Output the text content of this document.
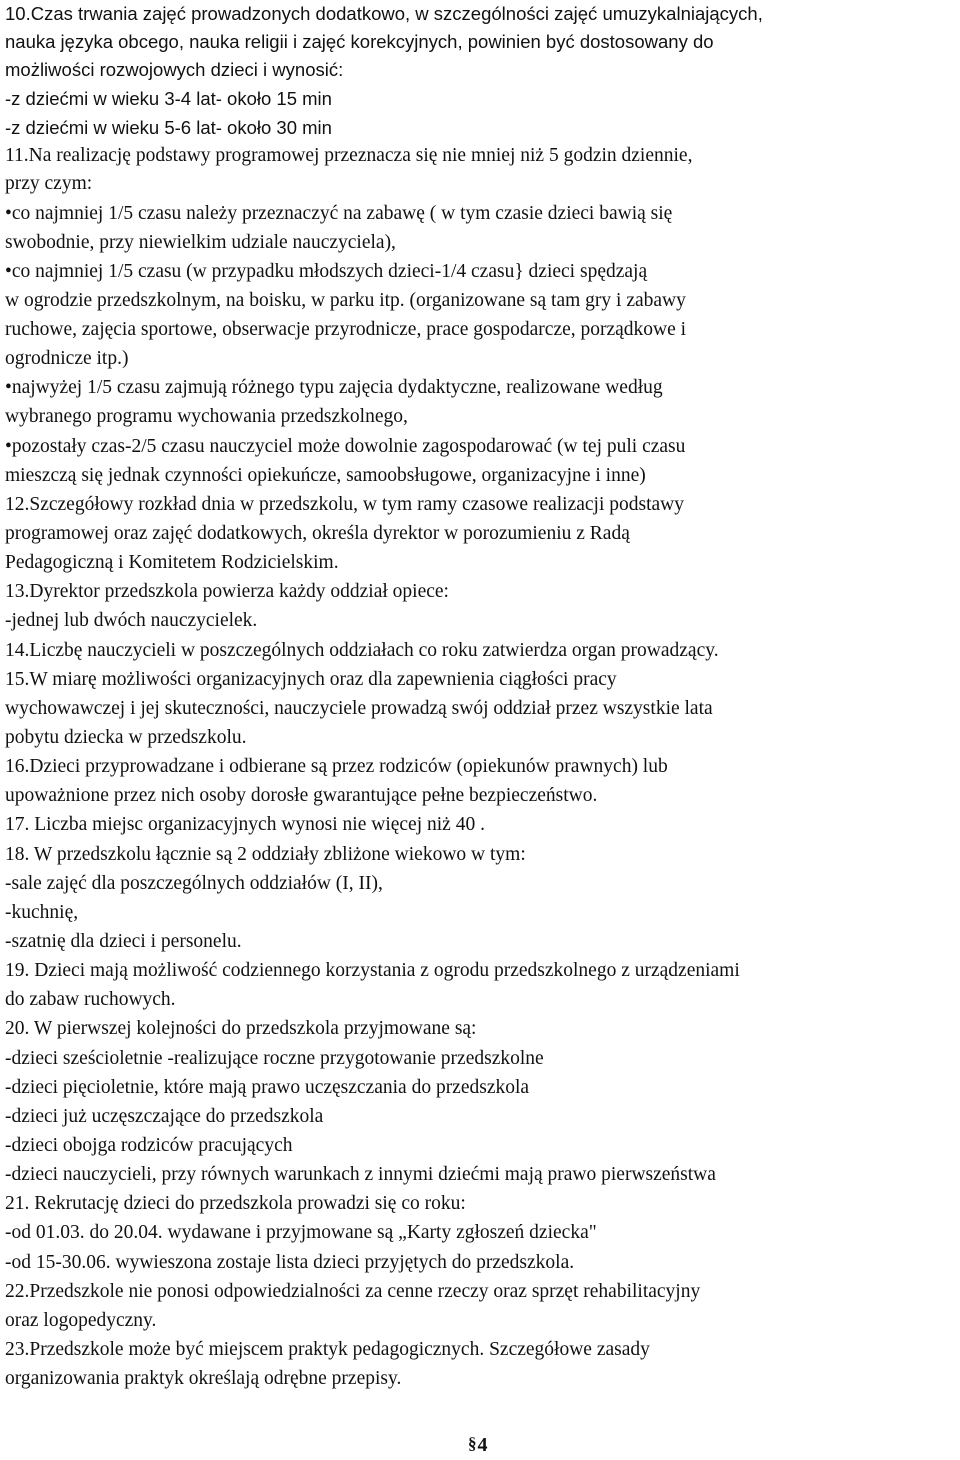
10.Czas trwania zajęć prowadzonych dodatkowo, w szczególności zajęć umuzykalniających,
nauka języka obcego, nauka religii i zajęć korekcyjnych, powinien być dostosowany do
możliwości rozwojowych dzieci i wynosić:
-z dziećmi w wieku 3-4 lat- około 15 min
-z dziećmi w wieku 5-6 lat- około 30 min
11.Na realizację podstawy programowej przeznacza się nie mniej niż 5 godzin dziennie,
przy czym:
•co najmniej 1/5 czasu należy przeznaczyć na zabawę ( w tym czasie dzieci bawią się
swobodnie, przy niewielkim udziale nauczyciela),
•co najmniej 1/5 czasu (w przypadku młodszych dzieci-1/4 czasu} dzieci spędzają
w ogrodzie przedszkolnym, na boisku, w parku itp. (organizowane są tam gry i zabawy
ruchowe, zajęcia sportowe, obserwacje przyrodnicze, prace gospodarcze, porządkowe i
ogrodnicze itp.)
•najwyżej 1/5 czasu zajmują różnego typu zajęcia dydaktyczne, realizowane według
wybranego programu wychowania przedszkolnego,
•pozostały czas-2/5 czasu nauczyciel może dowolnie zagospodarować (w tej puli czasu
mieszczą się jednak czynności opiekuńcze, samoobsługowe, organizacyjne i inne)
12.Szczegółowy rozkład dnia w przedszkolu, w tym ramy czasowe realizacji podstawy
programowej oraz zajęć dodatkowych, określa dyrektor w porozumieniu z Radą
Pedagogiczną i Komitetem Rodzicielskim.
13.Dyrektor przedszkola powierza każdy oddział opiece:
-jednej lub dwóch nauczycielek.
14.Liczbę nauczycieli w poszczególnych oddziałach co roku zatwierdza organ prowadzący.
15.W miarę możliwości organizacyjnych oraz dla zapewnienia ciągłości pracy
wychowawczej i jej skuteczności, nauczyciele prowadzą swój oddział przez wszystkie lata
pobytu dziecka w przedszkolu.
16.Dzieci przyprowadzane i odbierane są przez rodziców (opiekunów prawnych) lub
upoważnione przez nich osoby dorosłe gwarantujące pełne bezpieczeństwo.
17. Liczba miejsc organizacyjnych wynosi nie więcej niż 40 .
18. W przedszkolu łącznie są 2 oddziały zbliżone wiekowo w tym:
-sale zajęć dla poszczególnych oddziałów (I, II),
-kuchnię,
-szatnię dla dzieci i personelu.
19. Dzieci mają możliwość codziennego korzystania z ogrodu przedszkolnego z urządzeniami
do zabaw ruchowych.
20. W pierwszej kolejności do przedszkola przyjmowane są:
-dzieci sześcioletnie -realizujące roczne przygotowanie przedszkolne
-dzieci pięcioletnie, które mają prawo uczęszczania do przedszkola
-dzieci już uczęszczające do przedszkola
-dzieci obojga rodziców pracujących
-dzieci nauczycieli, przy równych warunkach z innymi dziećmi mają prawo pierwszeństwa
21. Rekrutację dzieci do przedszkola prowadzi się co roku:
-od 01.03. do 20.04. wydawane i przyjmowane są „Karty zgłoszeń dziecka"
-od 15-30.06. wywieszona zostaje lista dzieci przyjętych do przedszkola.
22.Przedszkole nie ponosi odpowiedzialności za cenne rzeczy oraz sprzęt rehabilitacyjny
oraz logopedyczny.
23.Przedszkole może być miejscem praktyk pedagogicznych. Szczegółowe zasady
organizowania praktyk określają odrębne przepisy.
§4
